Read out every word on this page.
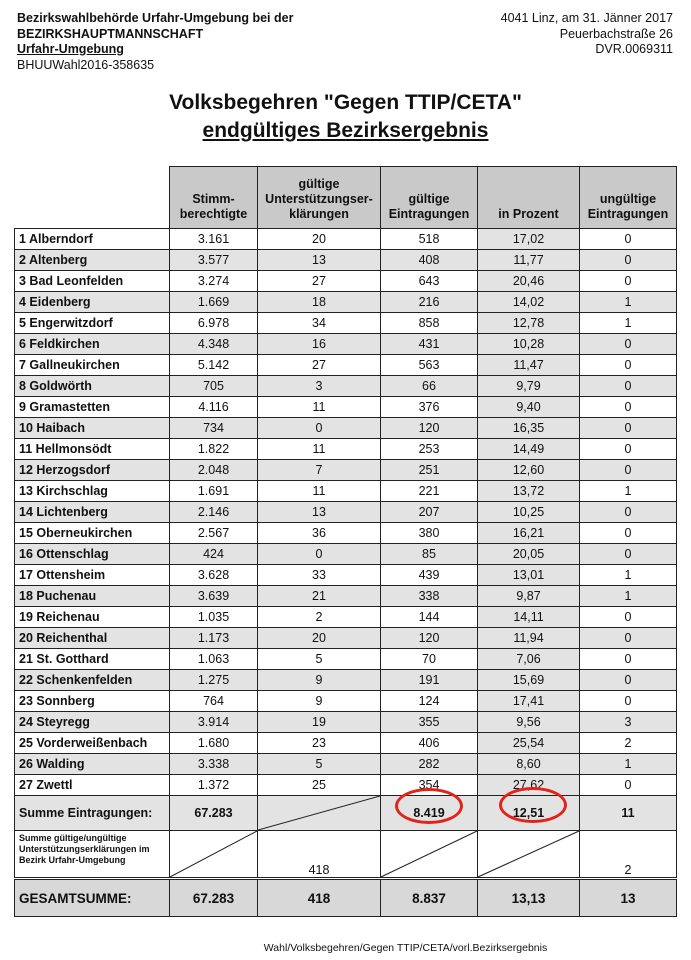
Bezirkswahlbehörde Urfahr-Umgebung bei der
BEZIRKSHAUPTMANNSCHAFT
Urfahr-Umgebung
BHUUWahl2016-358635
4041 Linz, am 31. Jänner 2017
Peuerbachstraße 26
DVR.0069311
Volksbegehren "Gegen TTIP/CETA"
endgültiges Bezirksergebnis
	Stimm-berechtigte	gültige Unterstützungser-klärungen	gültige Eintragungen	in Prozent	ungültige Eintragungen
1 Alberndorf	3.161	20	518	17,02	0
2 Altenberg	3.577	13	408	11,77	0
3 Bad Leonfelden	3.274	27	643	20,46	0
4 Eidenberg	1.669	18	216	14,02	1
5 Engerwitzdorf	6.978	34	858	12,78	1
6 Feldkirchen	4.348	16	431	10,28	0
7 Gallneukirchen	5.142	27	563	11,47	0
8 Goldwörth	705	3	66	9,79	0
9 Gramastetten	4.116	11	376	9,40	0
10 Haibach	734	0	120	16,35	0
11 Hellmonsödt	1.822	11	253	14,49	0
12 Herzogsdorf	2.048	7	251	12,60	0
13 Kirchschlag	1.691	11	221	13,72	1
14 Lichtenberg	2.146	13	207	10,25	0
15 Oberneukirchen	2.567	36	380	16,21	0
16 Ottenschlag	424	0	85	20,05	0
17 Ottensheim	3.628	33	439	13,01	1
18 Puchenau	3.639	21	338	9,87	1
19 Reichenau	1.035	2	144	14,11	0
20 Reichenthal	1.173	20	120	11,94	0
21 St. Gotthard	1.063	5	70	7,06	0
22 Schenkenfelden	1.275	9	191	15,69	0
23 Sonnberg	764	9	124	17,41	0
24 Steyregg	3.914	19	355	9,56	3
25 Vorderweißenbach	1.680	23	406	25,54	2
26 Walding	3.338	5	282	8,60	1
27 Zwettl	1.372	25	354	27,62	0
Summe Eintragungen:	67.283		8.419	12,51	11
Summe gültige/ungültige Unterstützungserklärungen im Bezirk Urfahr-Umgebung		418			2
GESAMTSUMME:	67.283	418	8.837	13,13	13
Wahl/Volksbegehren/Gegen TTIP/CETA/vorl.Bezirksergebnis
